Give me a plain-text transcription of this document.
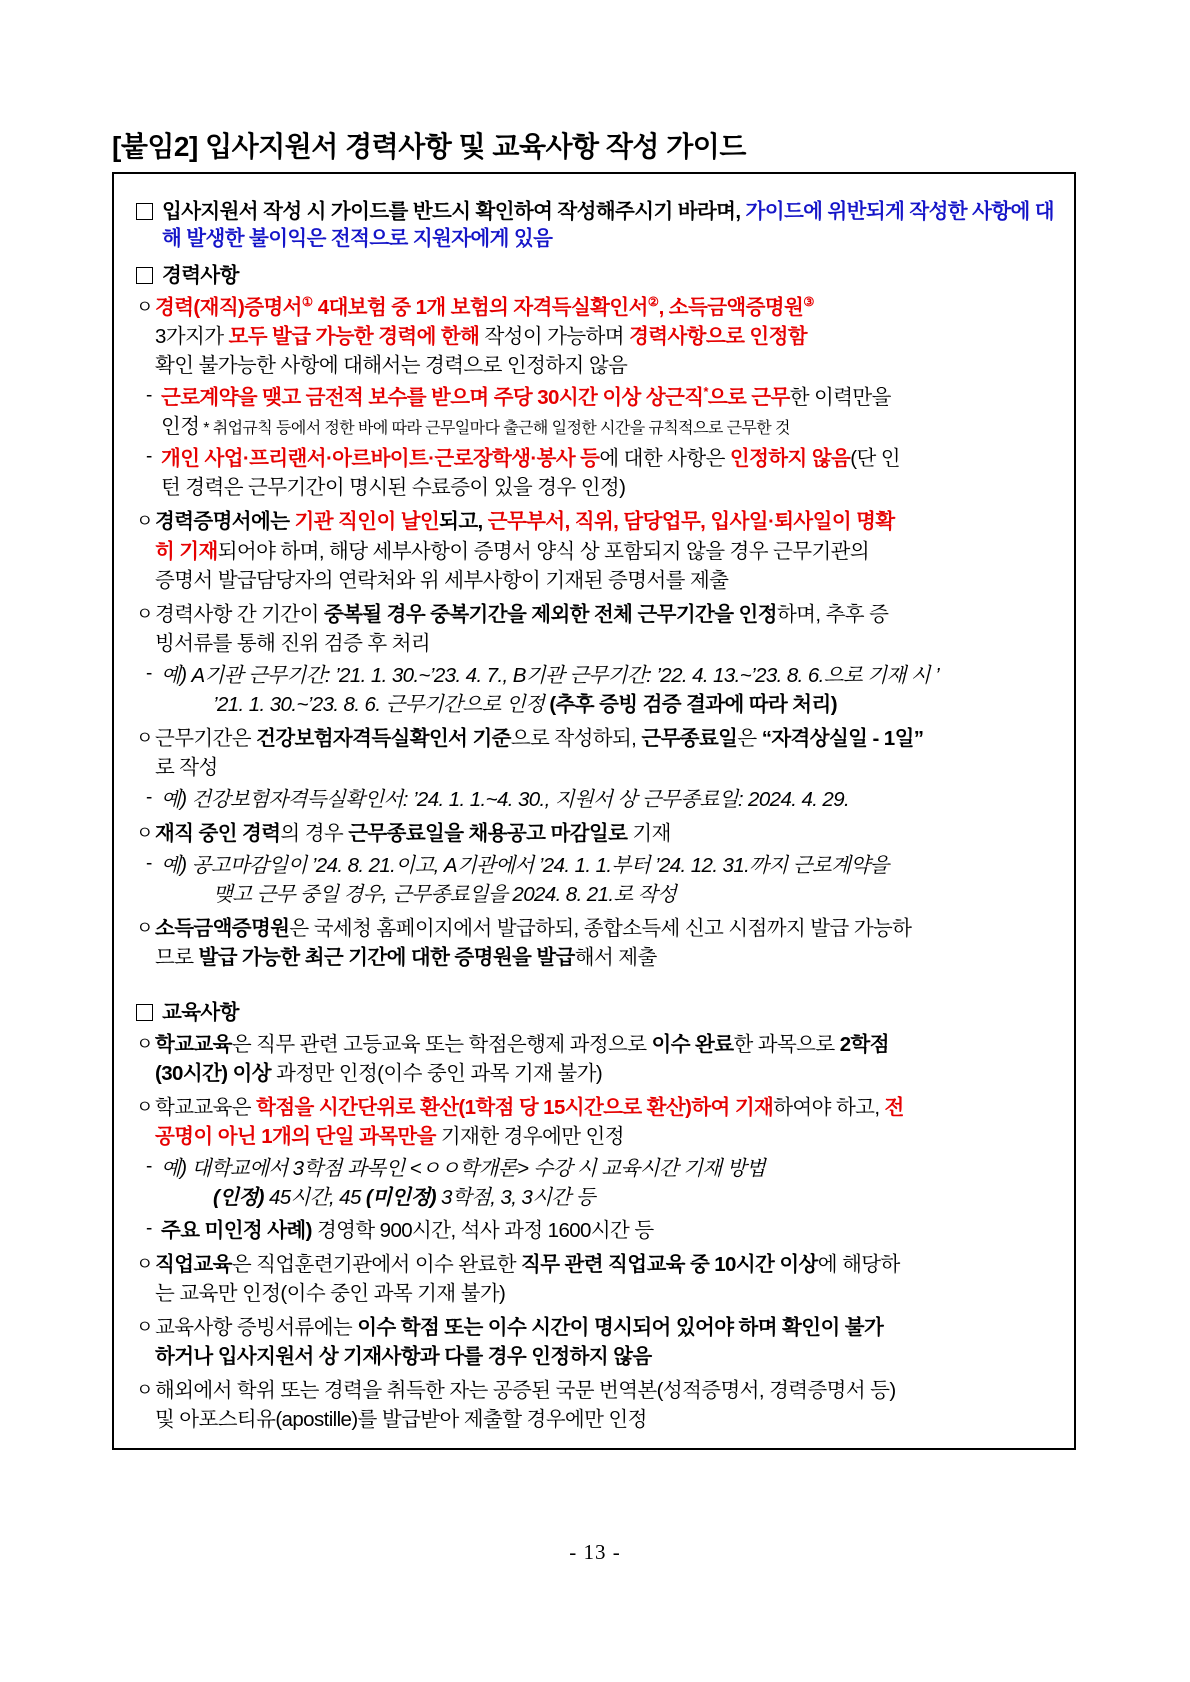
[붙임2] 입사지원서 경력사항 및 교육사항 작성 가이드
입사지원서 작성 시 가이드를 반드시 확인하여 작성해주시기 바라며, 가이드에 위반되게 작성한 사항에 대해 발생한 불이익은 전적으로 지원자에게 있음
경력사항
ㅇ 경력(재직)증명서① 4대보험 중 1개 보험의 자격득실확인서②, 소득금액증명원③
3가지가 모두 발급 가능한 경력에 한해 작성이 가능하며 경력사항으로 인정함
확인 불가능한 사항에 대해서는 경력으로 인정하지 않음
- 근로계약을 맺고 금전적 보수를 받으며 주당 30시간 이상 상근직*으로 근무한 이력만을
인정 * 취업규칙 등에서 정한 바에 따라 근무일마다 출근해 일정한 시간을 규칙적으로 근무한 것
- 개인 사업·프리랜서·아르바이트·근로장학생·봉사 등에 대한 사항은 인정하지 않음(단 인
턴 경력은 근무기간이 명시된 수료증이 있을 경우 인정)
ㅇ 경력증명서에는 기관 직인이 날인되고, 근무부서, 직위, 담당업무, 입사일·퇴사일이 명확
히 기재되어야 하며, 해당 세부사항이 증명서 양식 상 포함되지 않을 경우 근무기관의
증명서 발급담당자의 연락처와 위 세부사항이 기재된 증명서를 제출
ㅇ 경력사항 간 기간이 중복될 경우 중복기간을 제외한 전체 근무기간을 인정하며, 추후 증
빙서류를 통해 진위 검증 후 처리
- 예) A기관 근무기간: ’21. 1. 30.~’23. 4. 7., B기관 근무기간: ’22. 4. 13.~’23. 8. 6.으로 기재 시 ’
’21. 1. 30.~’23. 8. 6. 근무기간으로 인정 (추후 증빙 검증 결과에 따라 처리)
ㅇ 근무기간은 건강보험자격득실확인서 기준으로 작성하되, 근무종료일은 “자격상실일 - 1일”
로 작성
- 예) 건강보험자격득실확인서: ’24. 1. 1.~4. 30., 지원서 상 근무종료일: 2024. 4. 29.
ㅇ 재직 중인 경력의 경우 근무종료일을 채용공고 마감일로 기재
- 예) 공고마감일이 ’24. 8. 21.이고, A기관에서 ’24. 1. 1.부터 ’24. 12. 31.까지 근로계약을
맺고 근무 중일 경우, 근무종료일을 2024. 8. 21.로 작성
ㅇ 소득금액증명원은 국세청 홈페이지에서 발급하되, 종합소득세 신고 시점까지 발급 가능하
므로 발급 가능한 최근 기간에 대한 증명원을 발급해서 제출
교육사항
ㅇ 학교교육은 직무 관련 고등교육 또는 학점은행제 과정으로 이수 완료한 과목으로 2학점
(30시간) 이상 과정만 인정(이수 중인 과목 기재 불가)
ㅇ 학교교육은 학점을 시간단위로 환산(1학점 당 15시간으로 환산)하여 기재하여야 하고, 전
공명이 아닌 1개의 단일 과목만을 기재한 경우에만 인정
- 예) 대학교에서 3학점 과목인 <ㅇㅇ학개론> 수강 시 교육시간 기재 방법
(인정) 45시간, 45 (미인정) 3학점, 3, 3시간 등
- 주요 미인정 사례) 경영학 900시간, 석사 과정 1600시간 등
ㅇ 직업교육은 직업훈련기관에서 이수 완료한 직무 관련 직업교육 중 10시간 이상에 해당하
는 교육만 인정(이수 중인 과목 기재 불가)
ㅇ 교육사항 증빙서류에는 이수 학점 또는 이수 시간이 명시되어 있어야 하며 확인이 불가
하거나 입사지원서 상 기재사항과 다를 경우 인정하지 않음
ㅇ 해외에서 학위 또는 경력을 취득한 자는 공증된 국문 번역본(성적증명서, 경력증명서 등)
및 아포스티유(apostille)를 발급받아 제출할 경우에만 인정
- 13 -
